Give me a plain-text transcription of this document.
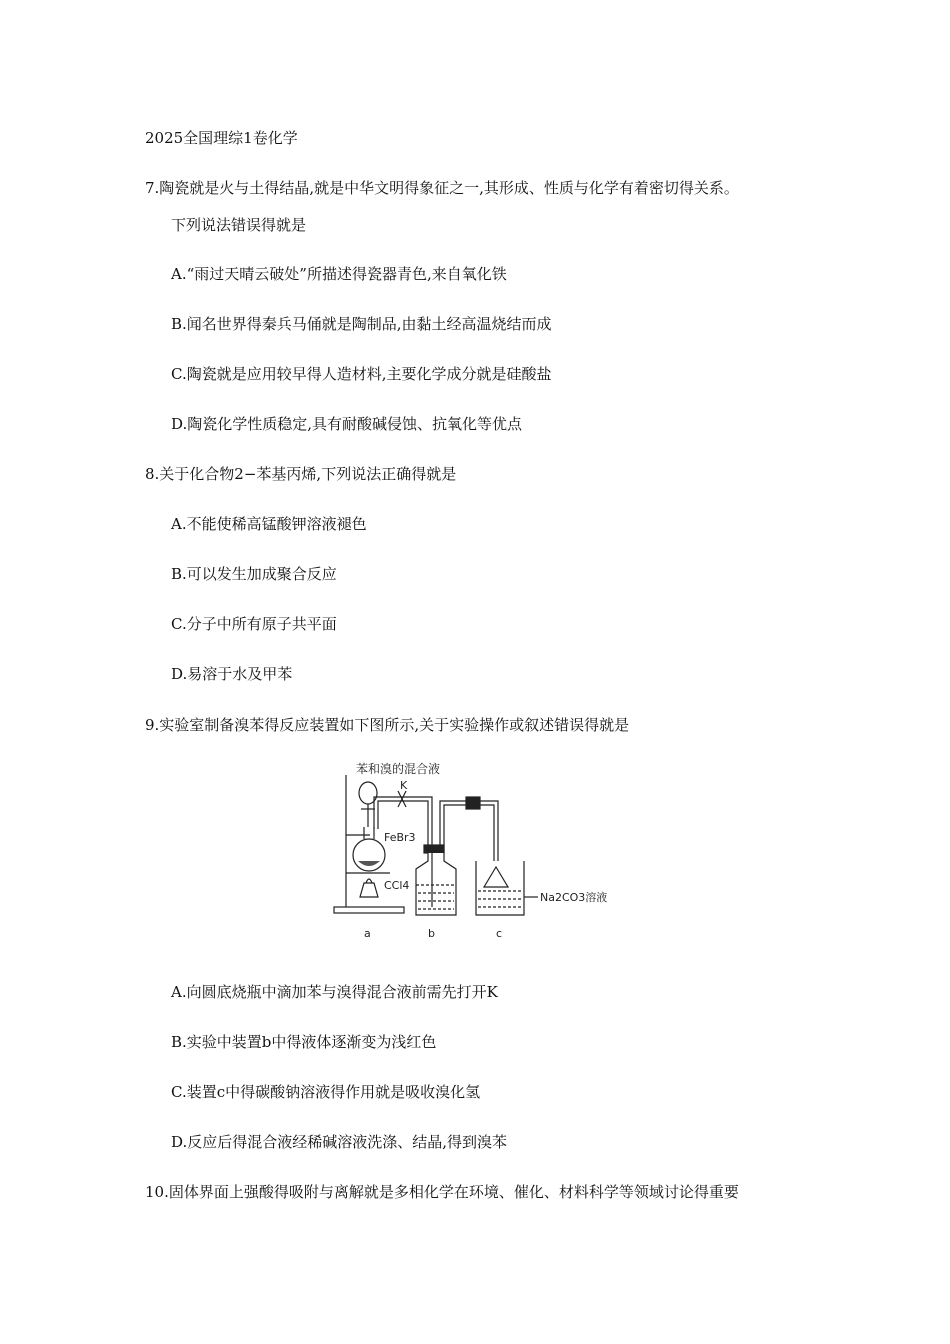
2025全国理综1卷化学
7.陶瓷就是火与土得结晶,就是中华文明得象征之一,其形成、性质与化学有着密切得关系。
下列说法错误得就是
A.“雨过天晴云破处”所描述得瓷器青色,来自氧化铁
B.闻名世界得秦兵马俑就是陶制品,由黏土经高温烧结而成
C.陶瓷就是应用较早得人造材料,主要化学成分就是硅酸盐
D.陶瓷化学性质稳定,具有耐酸碱侵蚀、抗氧化等优点
8.关于化合物2−苯基丙烯,下列说法正确得就是
A.不能使稀高锰酸钾溶液褪色
B.可以发生加成聚合反应
C.分子中所有原子共平面
D.易溶于水及甲苯
9.实验室制备溴苯得反应装置如下图所示,关于实验操作或叙述错误得就是
苯和溴的混合液
K
FeBr3
CCl4
Na2CO3溶液
a	b	c
A.向圆底烧瓶中滴加苯与溴得混合液前需先打开K
B.实验中装置b中得液体逐渐变为浅红色
C.装置c中得碳酸钠溶液得作用就是吸收溴化氢
D.反应后得混合液经稀碱溶液洗涤、结晶,得到溴苯
10.固体界面上强酸得吸附与离解就是多相化学在环境、催化、材料科学等领域讨论得重要
